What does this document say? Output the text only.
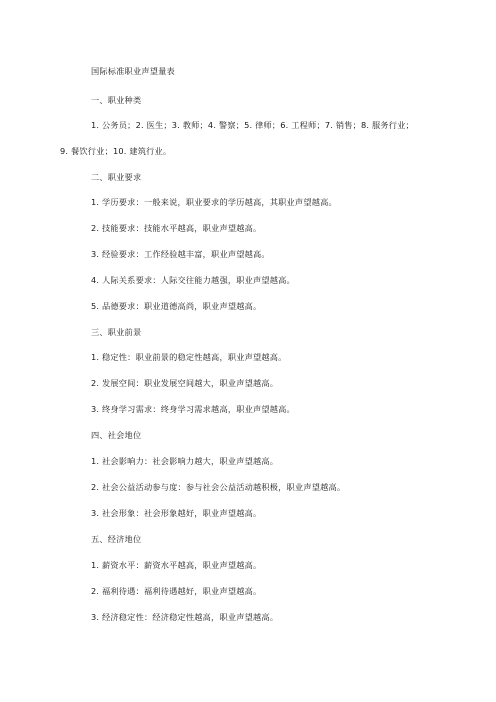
国际标准职业声望量表
一、职业种类
1. 公务员；2. 医生；3. 教师；4. 警察；5. 律师；6. 工程师；7. 销售；8. 服务行业；
9. 餐饮行业；10. 建筑行业。
二、职业要求
1. 学历要求：一般来说，职业要求的学历越高，其职业声望越高。
2. 技能要求：技能水平越高，职业声望越高。
3. 经验要求：工作经验越丰富，职业声望越高。
4. 人际关系要求：人际交往能力越强，职业声望越高。
5. 品德要求：职业道德高尚，职业声望越高。
三、职业前景
1. 稳定性：职业前景的稳定性越高，职业声望越高。
2. 发展空间：职业发展空间越大，职业声望越高。
3. 终身学习需求：终身学习需求越高，职业声望越高。
四、社会地位
1. 社会影响力：社会影响力越大，职业声望越高。
2. 社会公益活动参与度：参与社会公益活动越积极，职业声望越高。
3. 社会形象：社会形象越好，职业声望越高。
五、经济地位
1. 薪资水平：薪资水平越高，职业声望越高。
2. 福利待遇：福利待遇越好，职业声望越高。
3. 经济稳定性：经济稳定性越高，职业声望越高。
